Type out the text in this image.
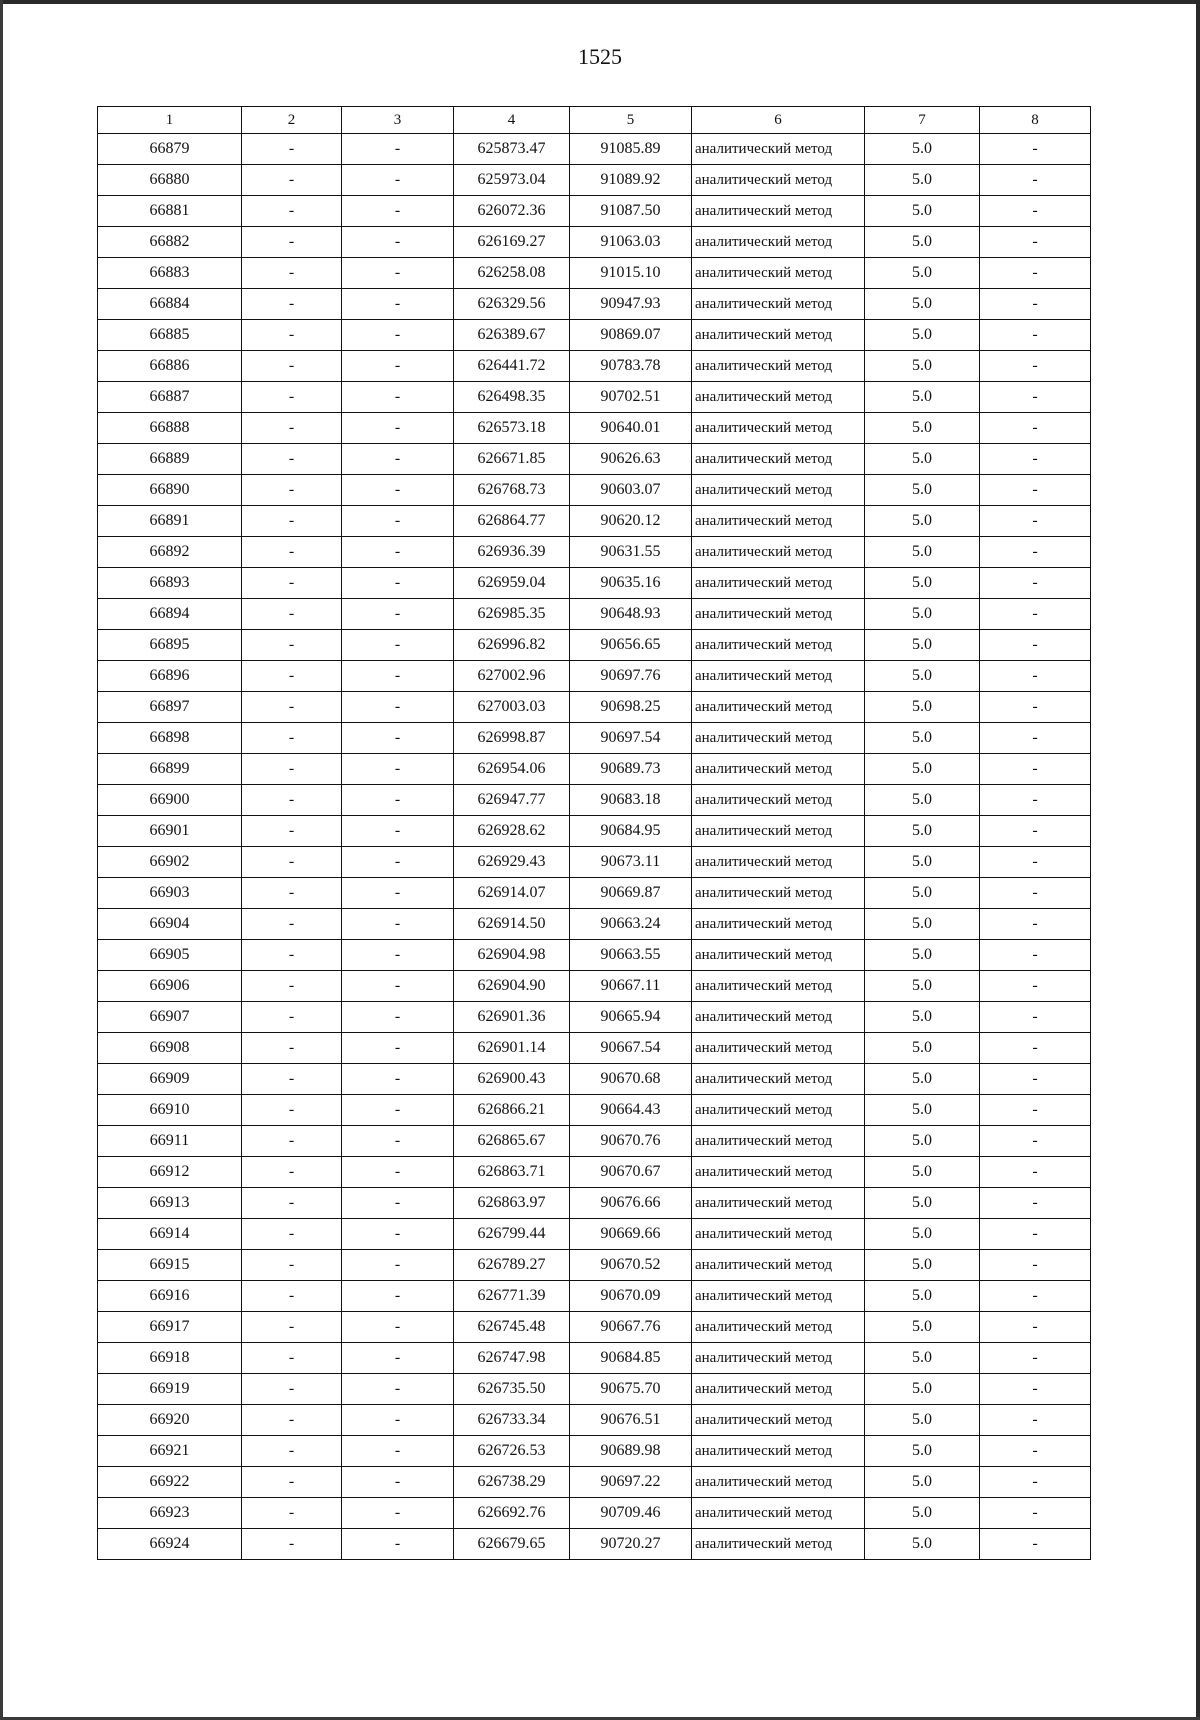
1525
1	2	3	4	5	6	7	8
66879	-	-	625873.47	91085.89	аналитический метод	5.0	-
66880	-	-	625973.04	91089.92	аналитический метод	5.0	-
66881	-	-	626072.36	91087.50	аналитический метод	5.0	-
66882	-	-	626169.27	91063.03	аналитический метод	5.0	-
66883	-	-	626258.08	91015.10	аналитический метод	5.0	-
66884	-	-	626329.56	90947.93	аналитический метод	5.0	-
66885	-	-	626389.67	90869.07	аналитический метод	5.0	-
66886	-	-	626441.72	90783.78	аналитический метод	5.0	-
66887	-	-	626498.35	90702.51	аналитический метод	5.0	-
66888	-	-	626573.18	90640.01	аналитический метод	5.0	-
66889	-	-	626671.85	90626.63	аналитический метод	5.0	-
66890	-	-	626768.73	90603.07	аналитический метод	5.0	-
66891	-	-	626864.77	90620.12	аналитический метод	5.0	-
66892	-	-	626936.39	90631.55	аналитический метод	5.0	-
66893	-	-	626959.04	90635.16	аналитический метод	5.0	-
66894	-	-	626985.35	90648.93	аналитический метод	5.0	-
66895	-	-	626996.82	90656.65	аналитический метод	5.0	-
66896	-	-	627002.96	90697.76	аналитический метод	5.0	-
66897	-	-	627003.03	90698.25	аналитический метод	5.0	-
66898	-	-	626998.87	90697.54	аналитический метод	5.0	-
66899	-	-	626954.06	90689.73	аналитический метод	5.0	-
66900	-	-	626947.77	90683.18	аналитический метод	5.0	-
66901	-	-	626928.62	90684.95	аналитический метод	5.0	-
66902	-	-	626929.43	90673.11	аналитический метод	5.0	-
66903	-	-	626914.07	90669.87	аналитический метод	5.0	-
66904	-	-	626914.50	90663.24	аналитический метод	5.0	-
66905	-	-	626904.98	90663.55	аналитический метод	5.0	-
66906	-	-	626904.90	90667.11	аналитический метод	5.0	-
66907	-	-	626901.36	90665.94	аналитический метод	5.0	-
66908	-	-	626901.14	90667.54	аналитический метод	5.0	-
66909	-	-	626900.43	90670.68	аналитический метод	5.0	-
66910	-	-	626866.21	90664.43	аналитический метод	5.0	-
66911	-	-	626865.67	90670.76	аналитический метод	5.0	-
66912	-	-	626863.71	90670.67	аналитический метод	5.0	-
66913	-	-	626863.97	90676.66	аналитический метод	5.0	-
66914	-	-	626799.44	90669.66	аналитический метод	5.0	-
66915	-	-	626789.27	90670.52	аналитический метод	5.0	-
66916	-	-	626771.39	90670.09	аналитический метод	5.0	-
66917	-	-	626745.48	90667.76	аналитический метод	5.0	-
66918	-	-	626747.98	90684.85	аналитический метод	5.0	-
66919	-	-	626735.50	90675.70	аналитический метод	5.0	-
66920	-	-	626733.34	90676.51	аналитический метод	5.0	-
66921	-	-	626726.53	90689.98	аналитический метод	5.0	-
66922	-	-	626738.29	90697.22	аналитический метод	5.0	-
66923	-	-	626692.76	90709.46	аналитический метод	5.0	-
66924	-	-	626679.65	90720.27	аналитический метод	5.0	-
